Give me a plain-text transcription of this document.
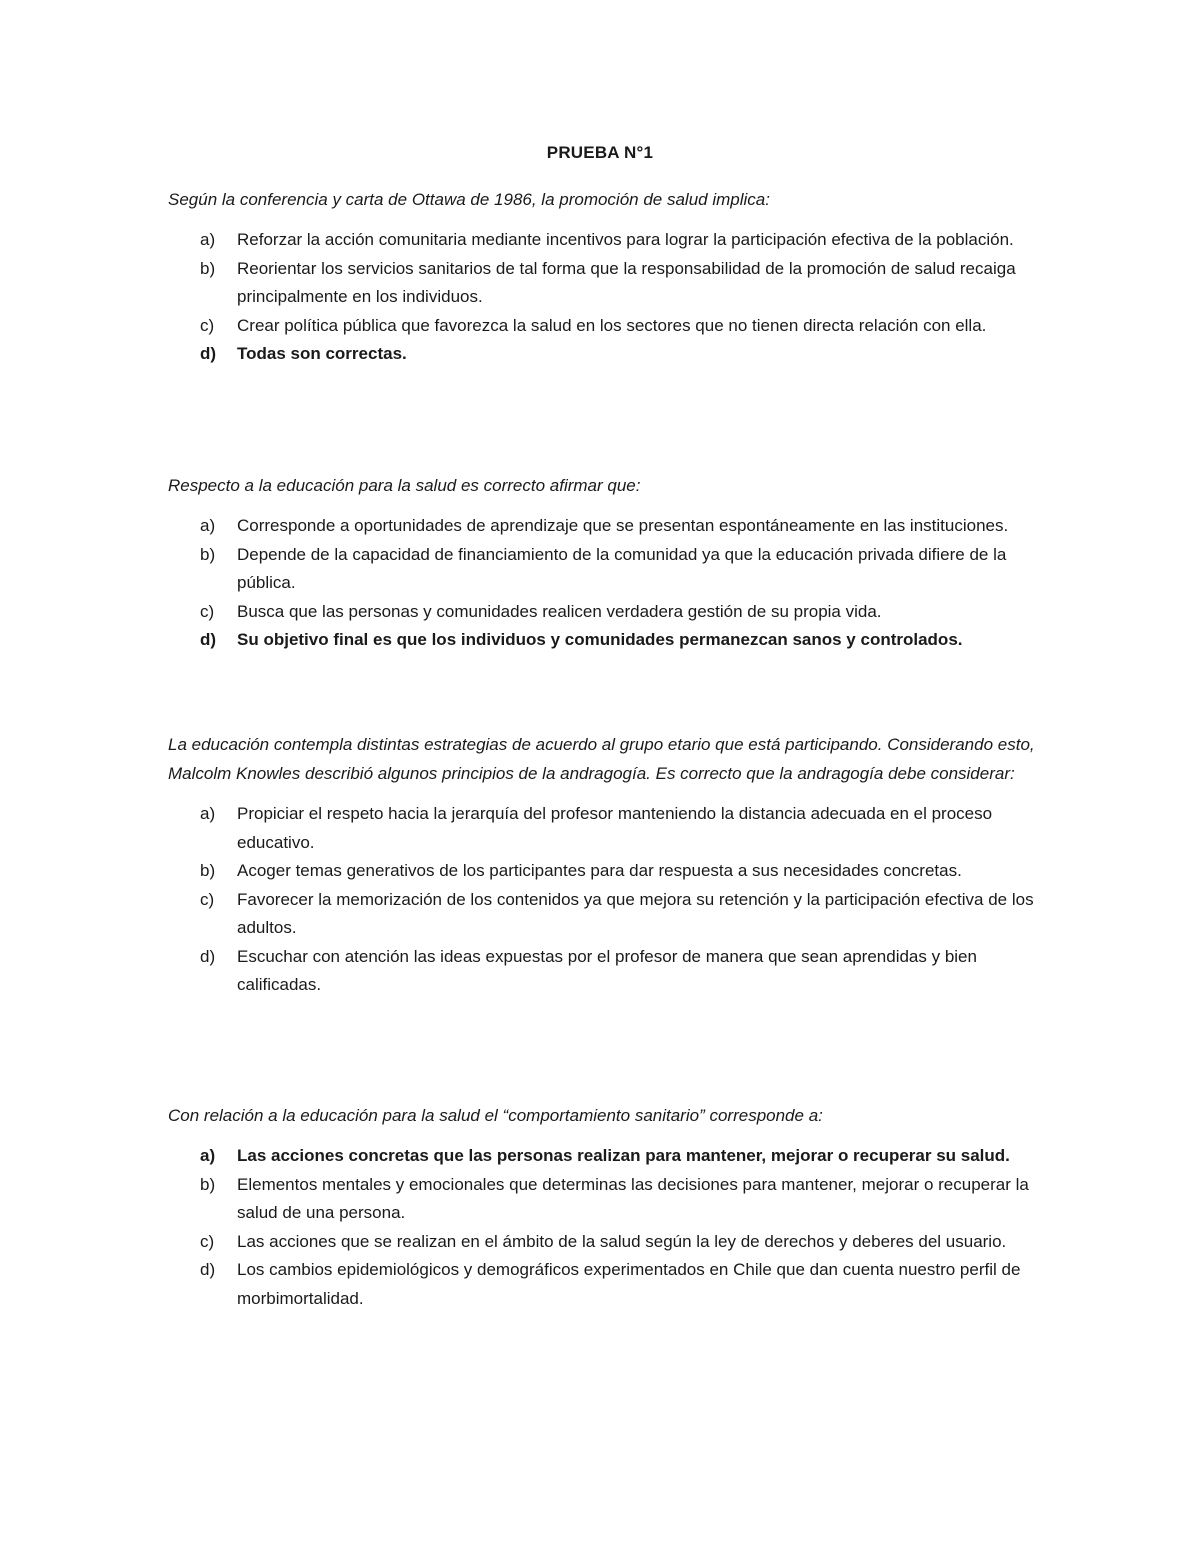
PRUEBA N°1

Según la conferencia y carta de Ottawa de 1986, la promoción de salud implica:

a) Reforzar la acción comunitaria mediante incentivos para lograr la participación efectiva de la población.
b) Reorientar los servicios sanitarios de tal forma que la responsabilidad de la promoción de salud recaiga principalmente en los individuos.
c) Crear política pública que favorezca la salud en los sectores que no tienen directa relación con ella.
d) Todas son correctas.

Respecto a la educación para la salud es correcto afirmar que:

a) Corresponde a oportunidades de aprendizaje que se presentan espontáneamente en las instituciones.
b) Depende de la capacidad de financiamiento de la comunidad ya que la educación privada difiere de la pública.
c) Busca que las personas y comunidades realicen verdadera gestión de su propia vida.
d) Su objetivo final es que los individuos y comunidades permanezcan sanos y controlados.

La educación contempla distintas estrategias de acuerdo al grupo etario que está participando. Considerando esto, Malcolm Knowles describió algunos principios de la andragogía. Es correcto que la andragogía debe considerar:

a) Propiciar el respeto hacia la jerarquía del profesor manteniendo la distancia adecuada en el proceso educativo.
b) Acoger temas generativos de los participantes para dar respuesta a sus necesidades concretas.
c) Favorecer la memorización de los contenidos ya que mejora su retención y la participación efectiva de los adultos.
d) Escuchar con atención las ideas expuestas por el profesor de manera que sean aprendidas y bien calificadas.

Con relación a la educación para la salud el “comportamiento sanitario” corresponde a:

a) Las acciones concretas que las personas realizan para mantener, mejorar o recuperar su salud.
b) Elementos mentales y emocionales que determinas las decisiones para mantener, mejorar o recuperar la salud de una persona.
c) Las acciones que se realizan en el ámbito de la salud según la ley de derechos y deberes del usuario.
d) Los cambios epidemiológicos y demográficos experimentados en Chile que dan cuenta nuestro perfil de morbimortalidad.
